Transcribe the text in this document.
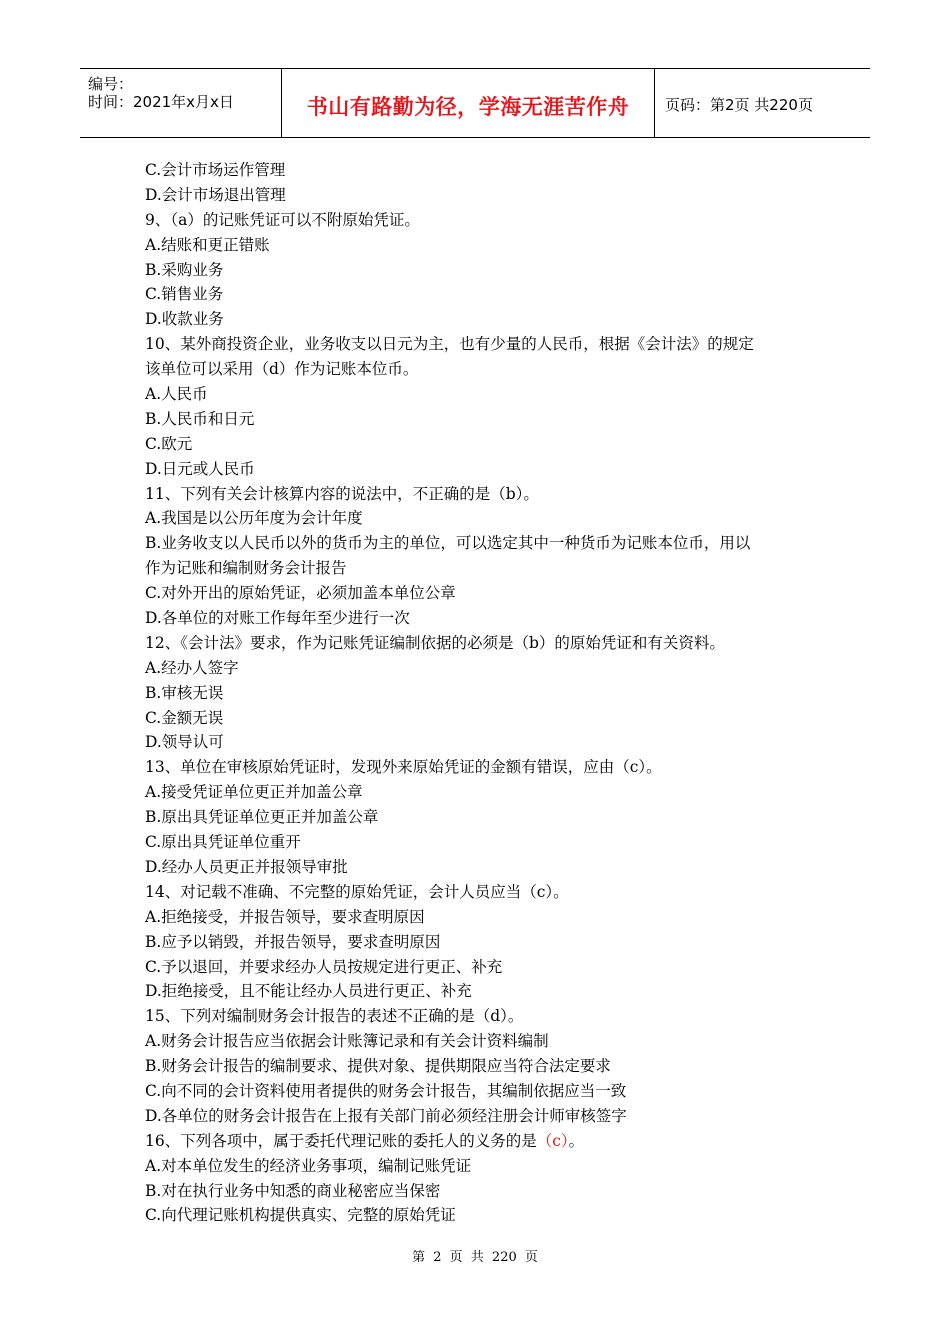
编号：
时间：2021年x月x日	书山有路勤为径，学海无涯苦作舟	页码：第2页 共220页
C.会计市场运作管理
D.会计市场退出管理
9、（a）的记账凭证可以不附原始凭证。
A.结账和更正错账
B.采购业务
C.销售业务
D.收款业务
10、某外商投资企业，业务收支以日元为主，也有少量的人民币，根据《会计法》的规定
该单位可以采用（d）作为记账本位币。
A.人民币
B.人民币和日元
C.欧元
D.日元或人民币
11、下列有关会计核算内容的说法中，不正确的是（b）。
A.我国是以公历年度为会计年度
B.业务收支以人民币以外的货币为主的单位，可以选定其中一种货币为记账本位币，用以
作为记账和编制财务会计报告
C.对外开出的原始凭证，必须加盖本单位公章
D.各单位的对账工作每年至少进行一次
12、《会计法》要求，作为记账凭证编制依据的必须是（b）的原始凭证和有关资料。
A.经办人签字
B.审核无误
C.金额无误
D.领导认可
13、单位在审核原始凭证时，发现外来原始凭证的金额有错误，应由（c）。
A.接受凭证单位更正并加盖公章
B.原出具凭证单位更正并加盖公章
C.原出具凭证单位重开
D.经办人员更正并报领导审批
14、对记载不准确、不完整的原始凭证，会计人员应当（c）。
A.拒绝接受，并报告领导，要求查明原因
B.应予以销毁，并报告领导，要求查明原因
C.予以退回，并要求经办人员按规定进行更正、补充
D.拒绝接受，且不能让经办人员进行更正、补充
15、下列对编制财务会计报告的表述不正确的是（d）。
A.财务会计报告应当依据会计账簿记录和有关会计资料编制
B.财务会计报告的编制要求、提供对象、提供期限应当符合法定要求
C.向不同的会计资料使用者提供的财务会计报告，其编制依据应当一致
D.各单位的财务会计报告在上报有关部门前必须经注册会计师审核签字
16、下列各项中，属于委托代理记账的委托人的义务的是（c）。
A.对本单位发生的经济业务事项，编制记账凭证
B.对在执行业务中知悉的商业秘密应当保密
C.向代理记账机构提供真实、完整的原始凭证
第 2 页 共 220 页
